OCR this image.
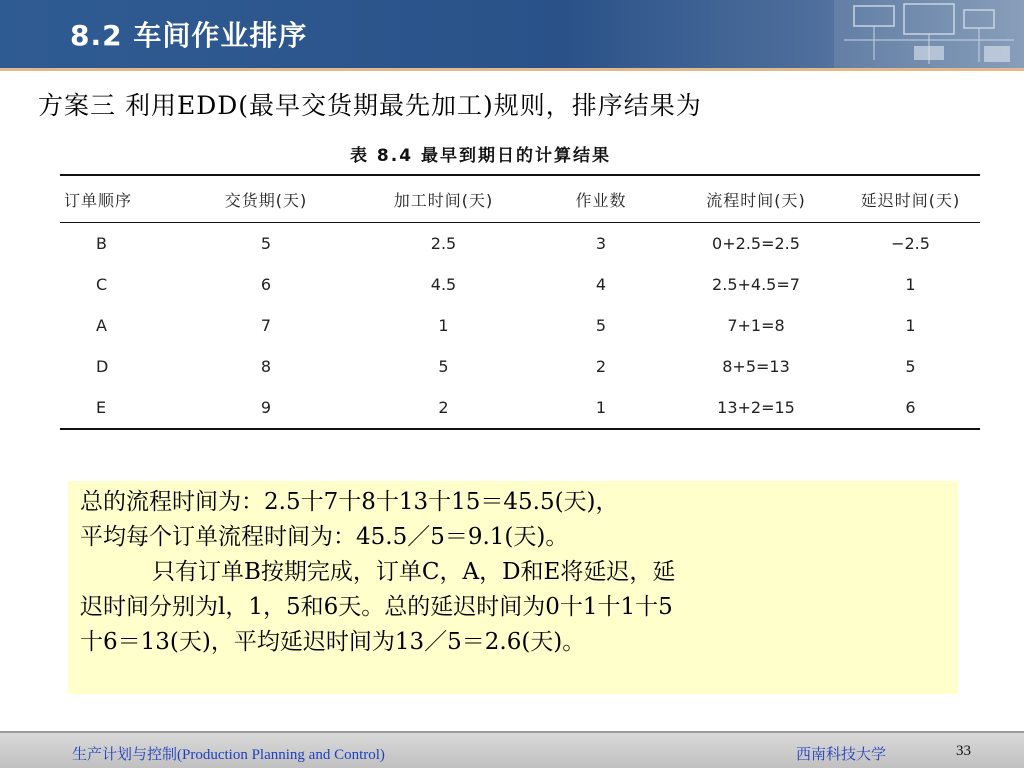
8.2 车间作业排序
方案三 利用EDD(最早交货期最先加工)规则，排序结果为
表 8.4 最早到期日的计算结果
订单顺序	交货期(天)	加工时间(天)	作业数	流程时间(天)	延迟时间(天)
B	5	2.5	3	0+2.5=2.5	−2.5
C	6	4.5	4	2.5+4.5=7	1
A	7	1	5	7+1=8	1
D	8	5	2	8+5=13	5
E	9	2	1	13+2=15	6

总的流程时间为：2.5十7十8十13十15＝45.5(天)，

平均每个订单流程时间为：45.5／5＝9.1(天)。

只有订单B按期完成，订单C，A，D和E将延迟，延

迟时间分别为l，1，5和6天。总的延迟时间为0十1十1十5

十6＝13(天)，平均延迟时间为13／5＝2.6(天)。

生产计划与控制(Production Planning and Control)	西南科技大学	33
